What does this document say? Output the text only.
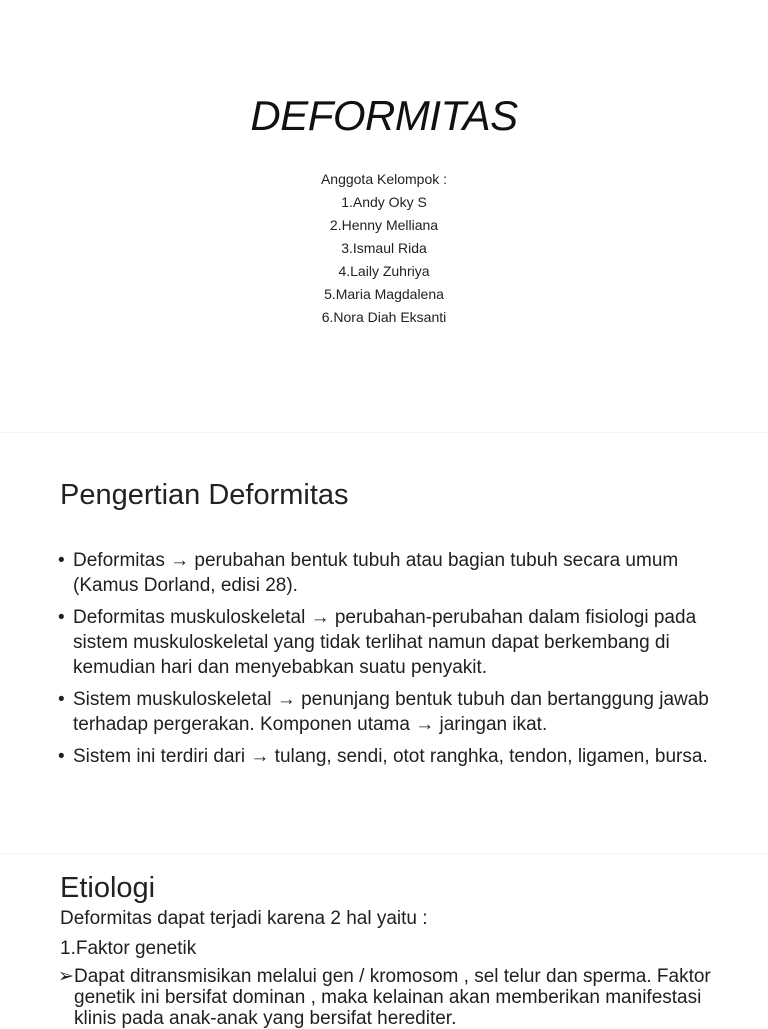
DEFORMITAS
Anggota Kelompok :
1.Andy Oky S
2.Henny Melliana
3.Ismaul Rida
4.Laily Zuhriya
5.Maria Magdalena
6.Nora Diah Eksanti
Pengertian Deformitas
• Deformitas → perubahan bentuk tubuh atau bagian tubuh secara umum (Kamus Dorland, edisi 28).
• Deformitas muskuloskeletal → perubahan-perubahan dalam fisiologi pada sistem muskuloskeletal yang tidak terlihat namun dapat berkembang di kemudian hari dan menyebabkan suatu penyakit.
• Sistem muskuloskeletal → penunjang bentuk tubuh dan bertanggung jawab terhadap pergerakan. Komponen utama → jaringan ikat.
• Sistem ini terdiri dari → tulang, sendi, otot ranghka, tendon, ligamen, bursa.
Etiologi
Deformitas dapat terjadi karena 2 hal yaitu :
1.Faktor genetik
➢ Dapat ditransmisikan melalui gen / kromosom , sel telur dan sperma. Faktor genetik ini bersifat dominan , maka kelainan akan memberikan manifestasi klinis pada anak-anak yang bersifat herediter.
